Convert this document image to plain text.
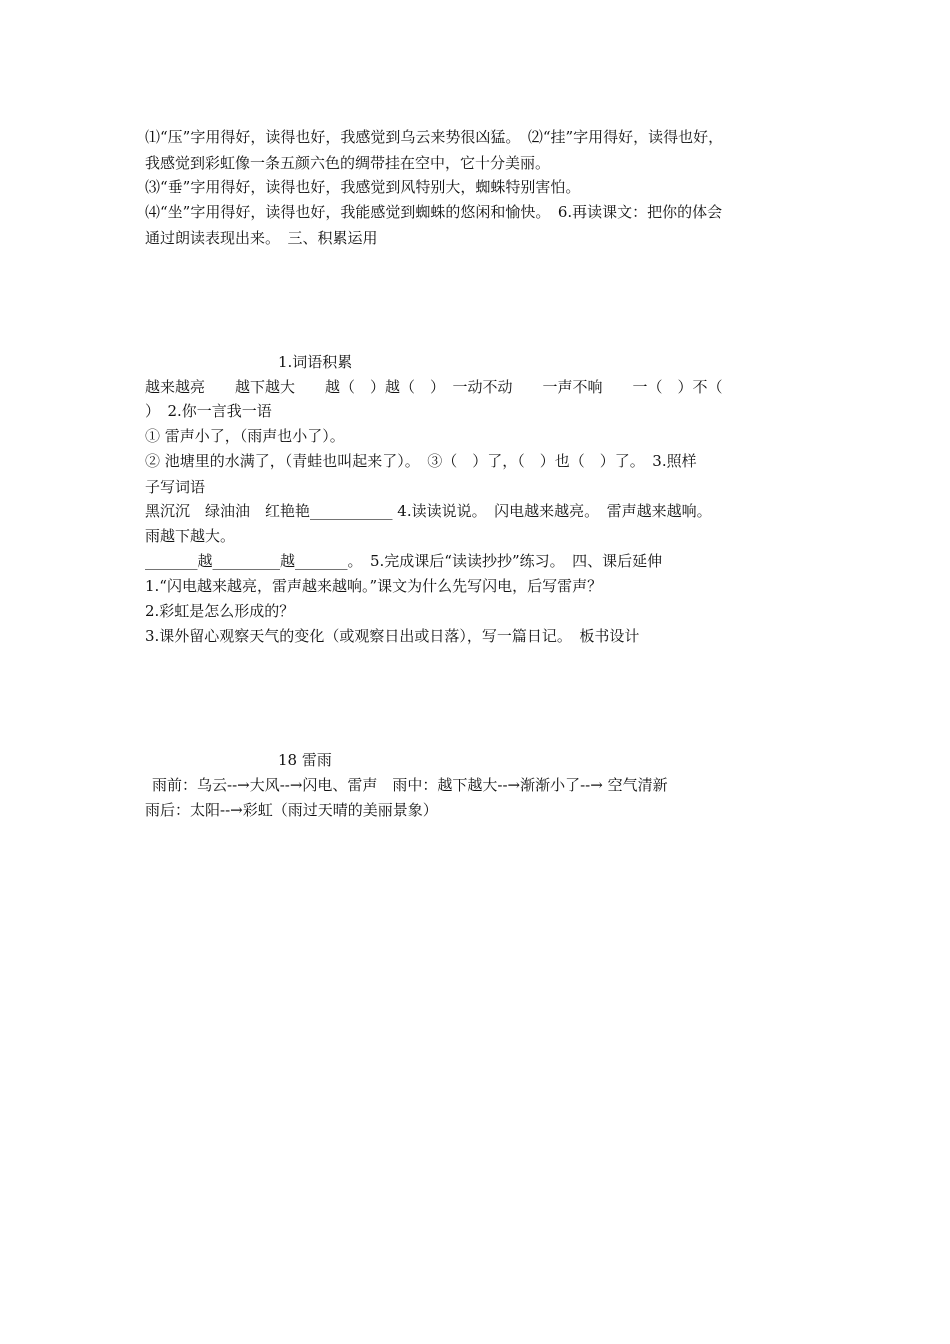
⑴“压”字用得好，读得也好，我感觉到乌云来势很凶猛。　⑵“挂”字用得好，读得也好，
我感觉到彩虹像一条五颜六色的绸带挂在空中，它十分美丽。
⑶“垂”字用得好，读得也好，我感觉到风特别大，蜘蛛特别害怕。
⑷“坐”字用得好，读得也好，我能感觉到蜘蛛的悠闲和愉快。　6.再读课文：把你的体会
通过朗读表现出来。　三、积累运用
1.词语积累
越来越亮　　越下越大　　越（　）越（　）　一动不动　　一声不响　　一（　）不（
）　2.你一言我一语
① 雷声小了，（雨声也小了）。
② 池塘里的水满了，（青蛙也叫起来了）。　③（　）了，（　）也（　）了。　3.照样
子写词语
黑沉沉　绿油油　红艳艳___________ 4.读读说说。　闪电越来越亮。　雷声越来越响。
雨越下越大。
_______越_________越_______。　5.完成课后“读读抄抄”练习。　四、课后延伸
1.“闪电越来越亮，雷声越来越响。”课文为什么先写闪电，后写雷声？
2.彩虹是怎么形成的？
3.课外留心观察天气的变化（或观察日出或日落），写一篇日记。　板书设计
18 雷雨
雨前：乌云--→大风--→闪电、雷声　雨中：越下越大--→渐渐小了--→ 空气清新
雨后：太阳--→彩虹（雨过天晴的美丽景象）
